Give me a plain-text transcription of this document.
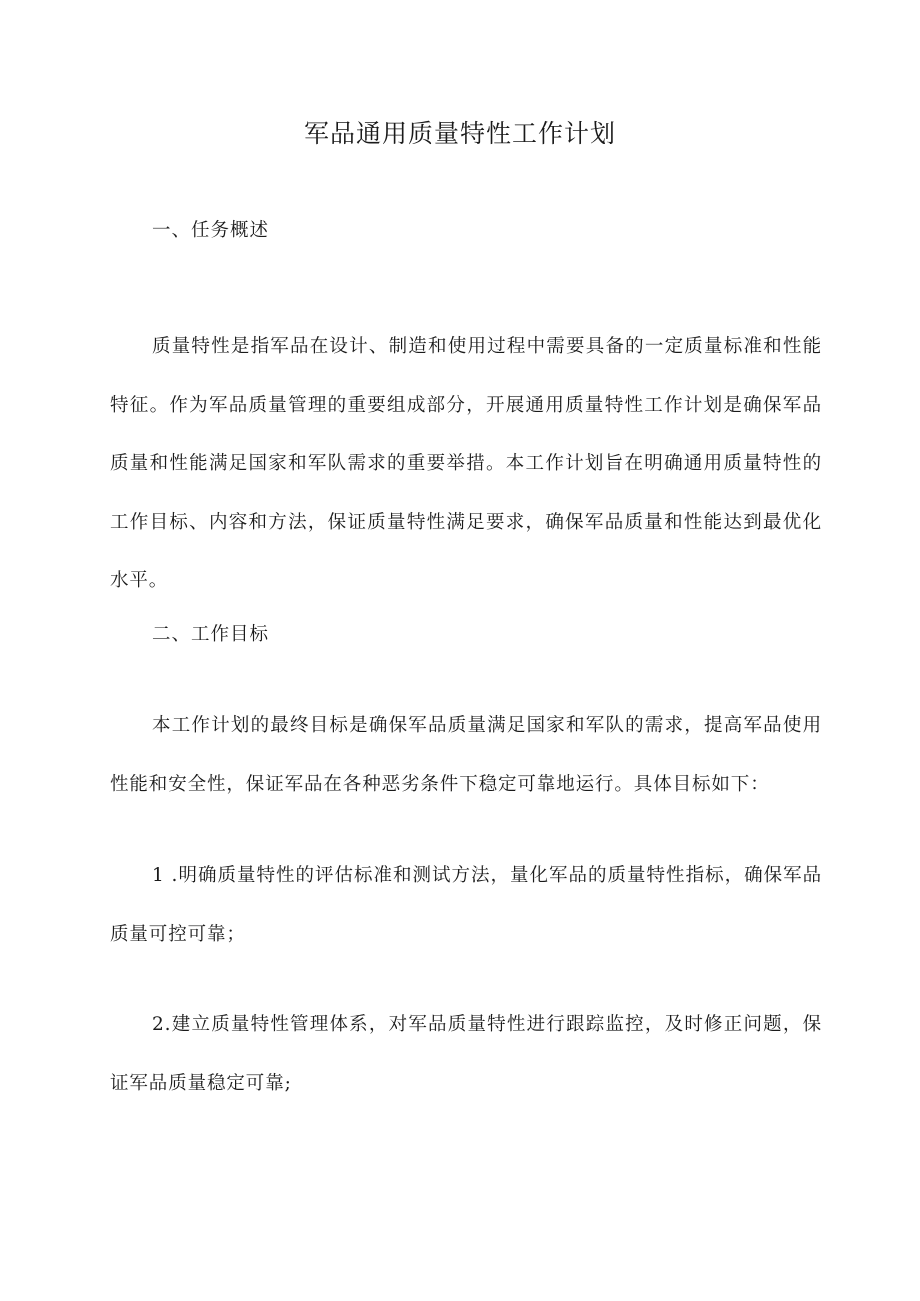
军品通用质量特性工作计划
一、任务概述

质量特性是指军品在设计、制造和使用过程中需要具备的一定质量标准和性能特征。作为军品质量管理的重要组成部分，开展通用质量特性工作计划是确保军品质量和性能满足国家和军队需求的重要举措。本工作计划旨在明确通用质量特性的工作目标、内容和方法，保证质量特性满足要求，确保军品质量和性能达到最优化水平。

二、工作目标

本工作计划的最终目标是确保军品质量满足国家和军队的需求，提高军品使用性能和安全性，保证军品在各种恶劣条件下稳定可靠地运行。具体目标如下：

1 .明确质量特性的评估标准和测试方法，量化军品的质量特性指标，确保军品质量可控可靠；

2.建立质量特性管理体系，对军品质量特性进行跟踪监控，及时修正问题，保证军品质量稳定可靠;
